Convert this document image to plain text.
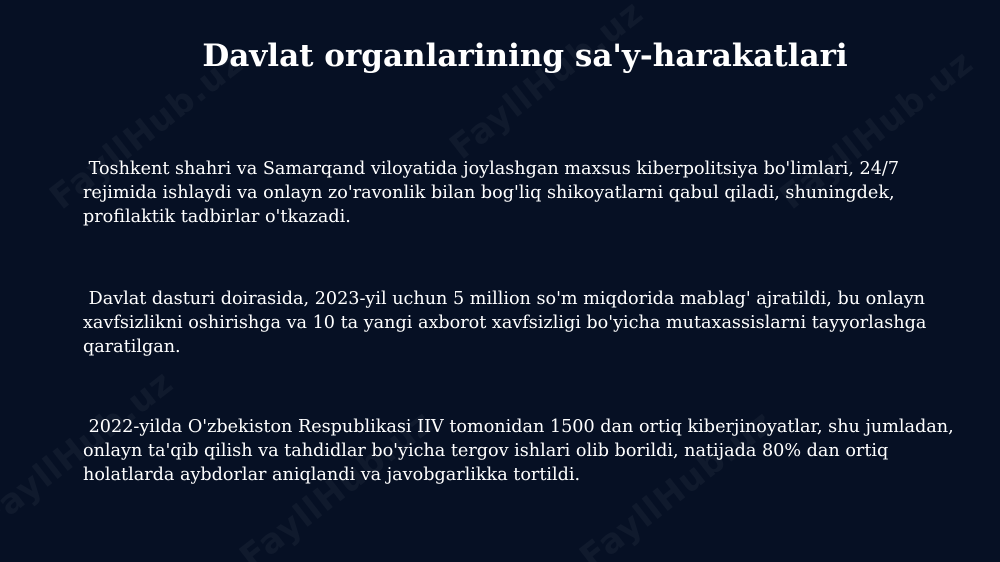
Davlat organlarining sa'y-harakatlari

Toshkent shahri va Samarqand viloyatida joylashgan maxsus kiberpolitsiya bo'limlari, 24/7 rejimida ishlaydi va onlayn zo'ravonlik bilan bog'liq shikoyatlarni qabul qiladi, shuningdek, profilaktik tadbirlar o'tkazadi.

Davlat dasturi doirasida, 2023-yil uchun 5 million so'm miqdorida mablag' ajratildi, bu onlayn xavfsizlikni oshirishga va 10 ta yangi axborot xavfsizligi bo'yicha mutaxassislarni tayyorlashga qaratilgan.

2022-yilda O'zbekiston Respublikasi IIV tomonidan 1500 dan ortiq kiberjinoyatlar, shu jumladan, onlayn ta'qib qilish va tahdidlar bo'yicha tergov ishlari olib borildi, natijada 80% dan ortiq holatlarda aybdorlar aniqlandi va javobgarlikka tortildi.
